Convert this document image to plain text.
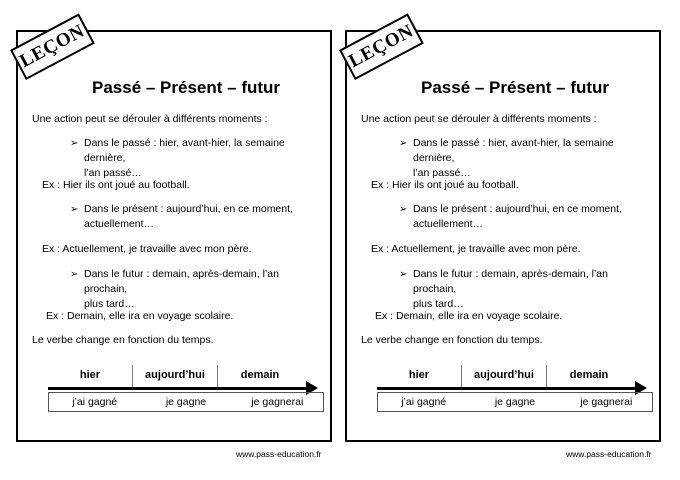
LEÇON
Passé – Présent – futur
Une action peut se dérouler à différents moments :
➢ Dans le passé : hier, avant-hier, la semaine dernière,
l’an passé…
Ex : Hier ils ont joué au football.
➢ Dans le présent : aujourd’hui, en ce moment,
actuellement…
Ex : Actuellement, je travaille avec mon père.
➢ Dans le futur : demain, après-demain, l’an prochain,
plus tard…
Ex : Demain, elle ira en voyage scolaire.
Le verbe change en fonction du temps.
hier	aujourd’hui	demain
j’ai gagné	je gagne	je gagnerai
www.pass-education.fr
LEÇON
Passé – Présent – futur
Une action peut se dérouler à différents moments :
➢ Dans le passé : hier, avant-hier, la semaine dernière,
l’an passé…
Ex : Hier ils ont joué au football.
➢ Dans le présent : aujourd’hui, en ce moment,
actuellement…
Ex : Actuellement, je travaille avec mon père.
➢ Dans le futur : demain, après-demain, l’an prochain,
plus tard…
Ex : Demain, elle ira en voyage scolaire.
Le verbe change en fonction du temps.
hier	aujourd’hui	demain
j’ai gagné	je gagne	je gagnerai
www.pass-education.fr
